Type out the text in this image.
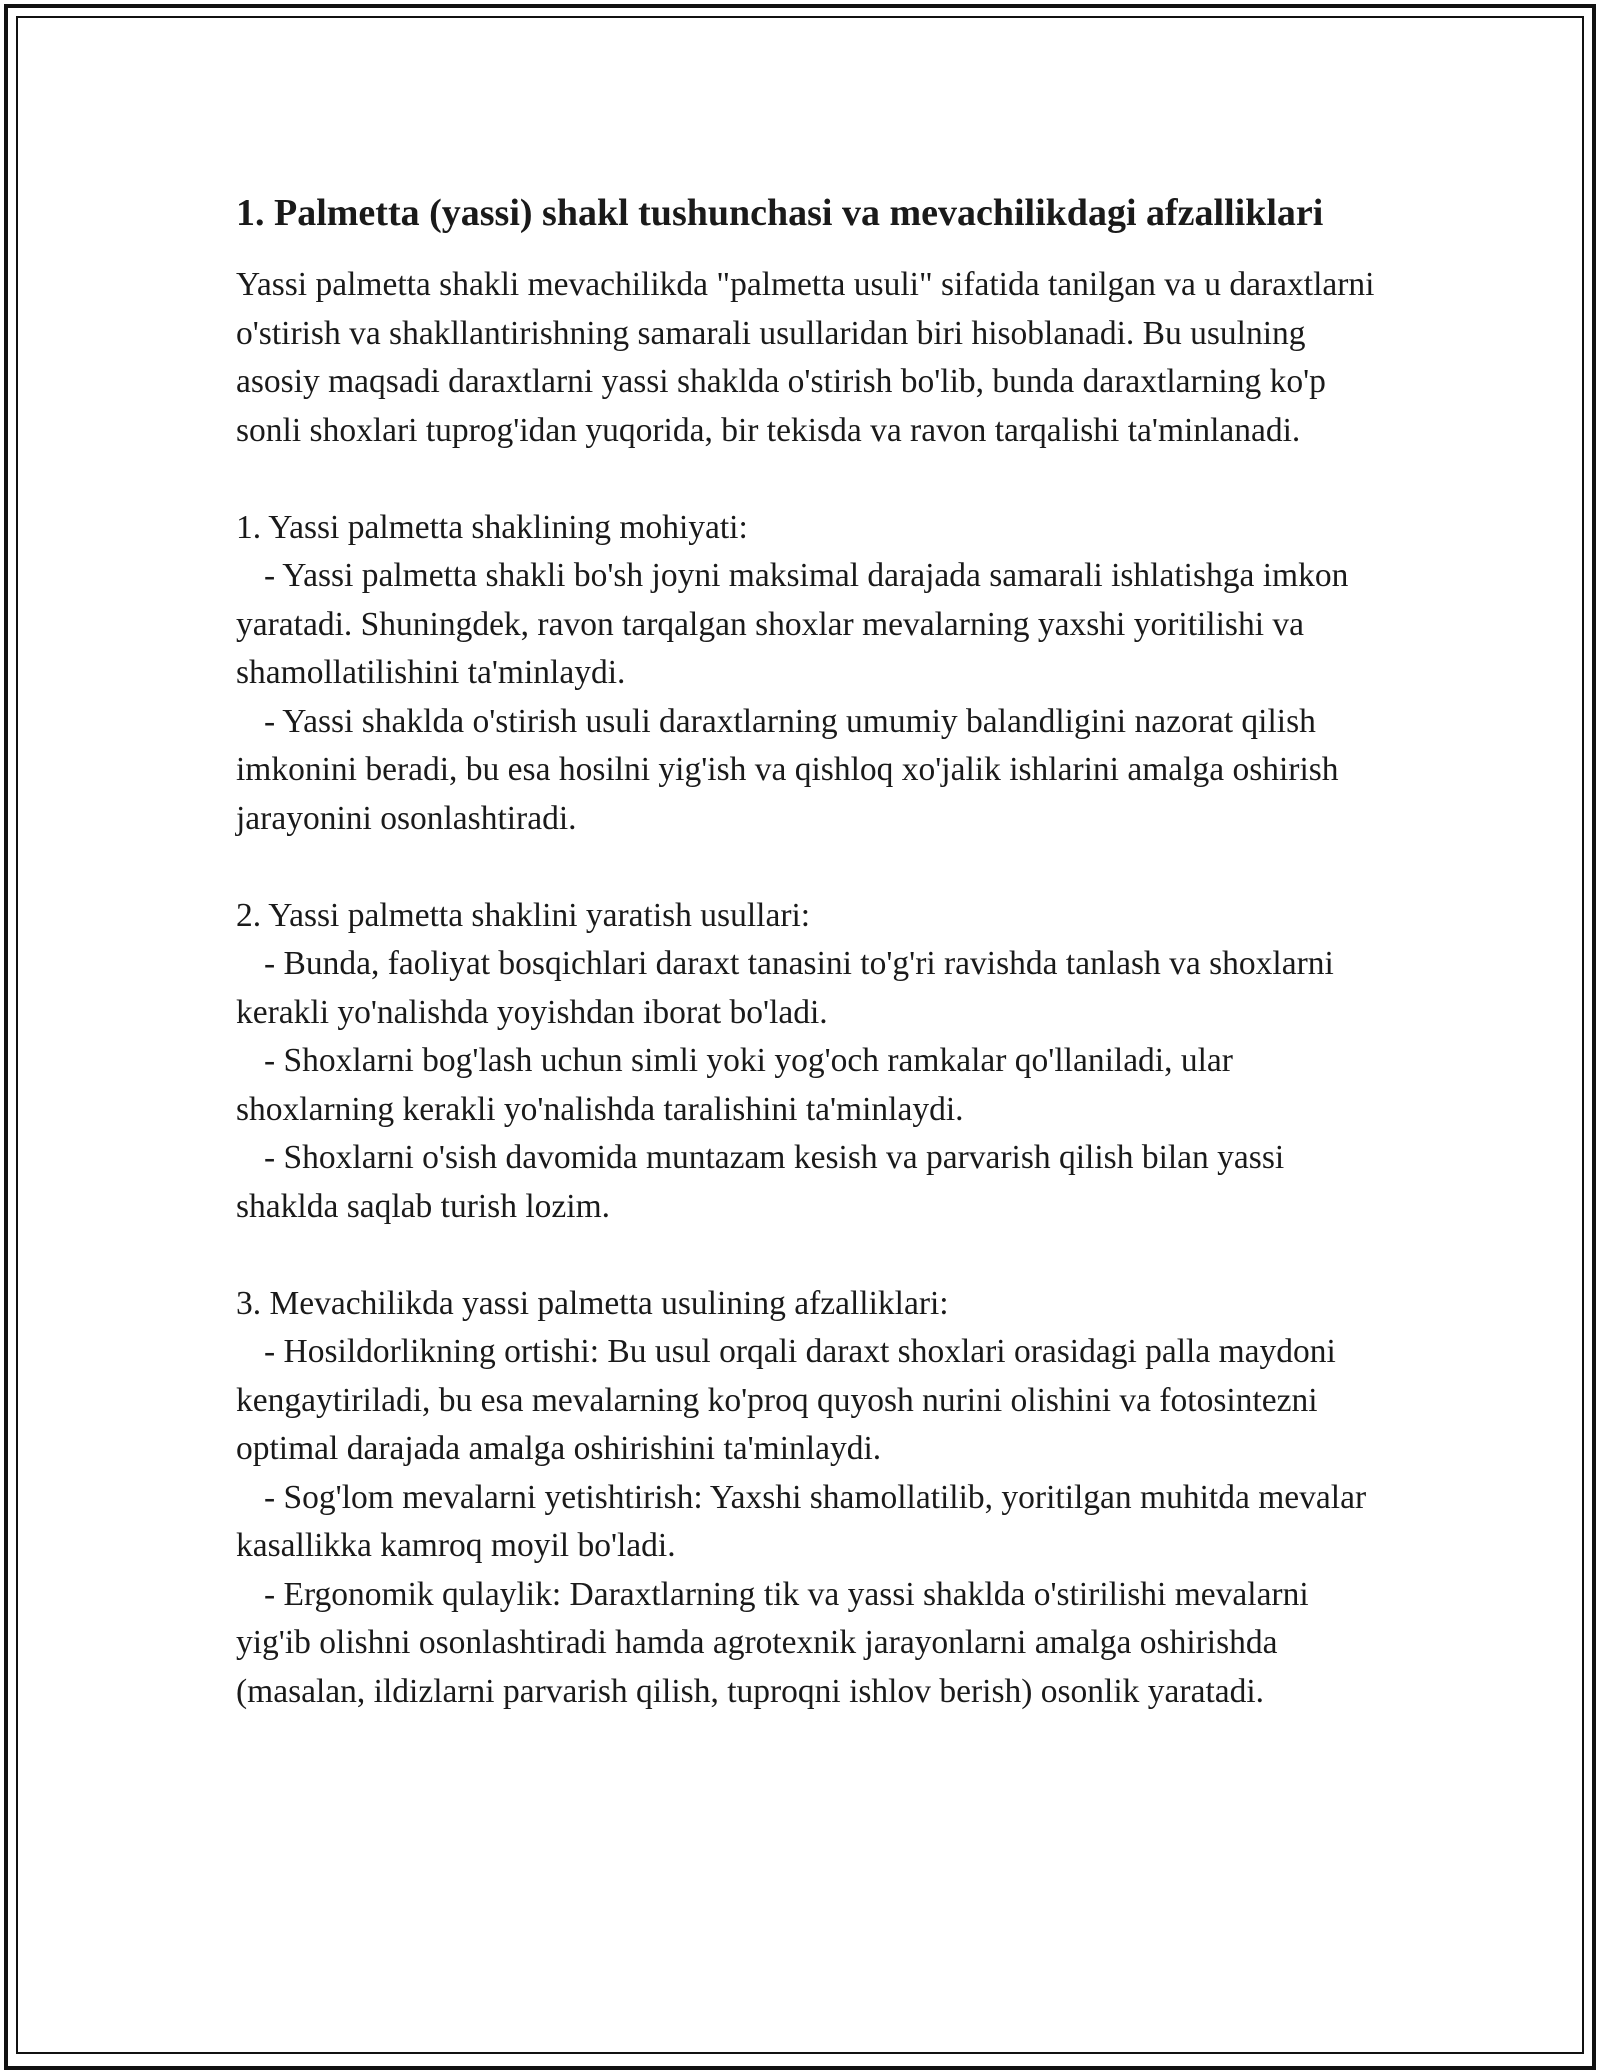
1. Palmetta (yassi) shakl tushunchasi va mevachilikdagi afzalliklari

Yassi palmetta shakli mevachilikda "palmetta usuli" sifatida tanilgan va u daraxtlarni o'stirish va shakllantirishning samarali usullaridan biri hisoblanadi. Bu usulning asosiy maqsadi daraxtlarni yassi shaklda o'stirish bo'lib, bunda daraxtlarning ko'p sonli shoxlari tuprog'idan yuqorida, bir tekisda va ravon tarqalishi ta'minlanadi.

1. Yassi palmetta shaklining mohiyati:

- Yassi palmetta shakli bo'sh joyni maksimal darajada samarali ishlatishga imkon yaratadi. Shuningdek, ravon tarqalgan shoxlar mevalarning yaxshi yoritilishi va shamollatilishini ta'minlaydi.

- Yassi shaklda o'stirish usuli daraxtlarning umumiy balandligini nazorat qilish imkonini beradi, bu esa hosilni yig'ish va qishloq xo'jalik ishlarini amalga oshirish jarayonini osonlashtiradi.

2. Yassi palmetta shaklini yaratish usullari:

- Bunda, faoliyat bosqichlari daraxt tanasini to'g'ri ravishda tanlash va shoxlarni kerakli yo'nalishda yoyishdan iborat bo'ladi.

- Shoxlarni bog'lash uchun simli yoki yog'och ramkalar qo'llaniladi, ular shoxlarning kerakli yo'nalishda taralishini ta'minlaydi.

- Shoxlarni o'sish davomida muntazam kesish va parvarish qilish bilan yassi shaklda saqlab turish lozim.

3. Mevachilikda yassi palmetta usulining afzalliklari:

- Hosildorlikning ortishi: Bu usul orqali daraxt shoxlari orasidagi palla maydoni kengaytiriladi, bu esa mevalarning ko'proq quyosh nurini olishini va fotosintezni optimal darajada amalga oshirishini ta'minlaydi.

- Sog'lom mevalarni yetishtirish: Yaxshi shamollatilib, yoritilgan muhitda mevalar kasallikka kamroq moyil bo'ladi.

- Ergonomik qulaylik: Daraxtlarning tik va yassi shaklda o'stirilishi mevalarni yig'ib olishni osonlashtiradi hamda agrotexnik jarayonlarni amalga oshirishda (masalan, ildizlarni parvarish qilish, tuproqni ishlov berish) osonlik yaratadi.
